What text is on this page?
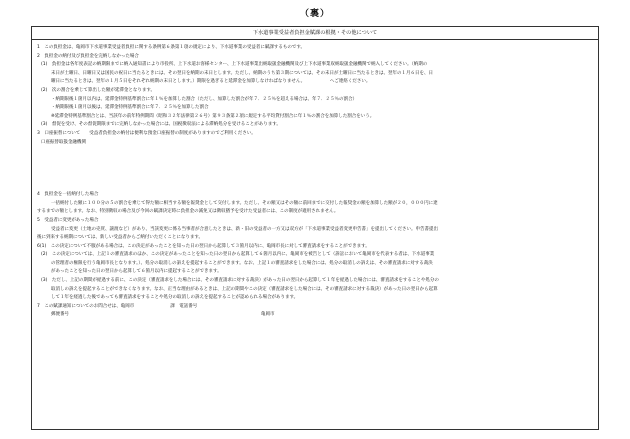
（裏）
下水道事業受益者負担金賦課の根拠・その他について
1　この負担金は、亀岡市下水道事業受益者負担に関する条例第６条第１項の規定により、下水道事業の受益者に賦課するものです。
2　負担金の納付及び負担金を完納しなかった場合
(1)　負担金は各年度表記の納期限までに納入通知書により市役所、上下水道お客様センター、上下水道事業出納取扱金融機関及び上下水道事業収納取扱金融機関で納入してください。（納期の
末日が土曜日、日曜日又は国民の祝日に当たるときには、その翌日を納期の末日とします。ただし、納期のうち第３期については、その末日が土曜日に当たるときは、翌年の１月６日を、日
曜日に当たるときは、翌年の１月５日をそれぞれ納期の末日とします。）期限を過ぎると延滞金を加算しなければなりません。　　　　　　へご連絡ください。
(2)　次の割合を乗じて算出した額が延滞金となります。
・納期限後１箇月以内は、延滞金特例基準割合に年１％を加算した割合（ただし、加算した割合が年７．２５％を超える場合は、年７．２５％の割合）
・納期限後１箇月以後は、延滞金特例基準割合に年７．２５％を加算した割合
※延滞金特例基準割合とは、当該年の前年特例期間（昭和３２年法律第２６号）第９３条第２項に規定する平均貸付割合に年１％の割合を加算した割合をいう。
(3)　督促を受け、その督促期限までに完納しなかった場合には、国税徴収法による滞納処分を受けることがあります。
3　口座振替について　　受益者負担金の納付は便利な預金口座振替の制度がありますのでご利用ください。
口座振替取扱金融機関
4　負担金を一括納付した場合
一括納付した額に１００分の５の割合を乗じて得た額に相当する額を報奨金として交付します。ただし、その額又はその額に前回までに交付した報奨金の額を加算した額が２０，０００円に達
するまでの額とします。なお、特別徴収の場合及び今回の賦課決定時に負担金の減免又は徴収猶予を受けた受益者には、この制度が適用されません。
5　受益者に変更があった場合
受益者に変更（土地の売買、譲渡など）があり、当該変更に係る当事者が合意したときは、新・旧の受益者の一方又は双方が「下水道事業受益者変更申告書」を提出してください。申告書提出
後に到来する納期については、新しい受益者からご納付いただくことになります。
6(1)　この決定について不服がある場合は、この決定があったことを知った日の翌日から起算して３箇月以内に、亀岡市長に対して審査請求をすることができます。
(2)　この決定については、上記１の審査請求のほか、この決定があったことを知った日の翌日から起算して６箇月以内に、亀岡市を被告として（訴訟において亀岡市を代表する者は、下水道事業
の管理者の権限を行う亀岡市長となります。）、処分の取消しの訴えを提起することができます。なお、上記１の審査請求をした場合には、処分の取消しの訴えは、その審査請求に対する裁決
があったことを知った日の翌日から起算して６箇月以内に提起することができます。
(3)　ただし、上記の期間が経過する前に、この決定（審査請求をした場合には、その審査請求に対する裁決）があった日の翌日から起算して１年を経過した場合には、審査請求をすることや処分の
取消しの訴えを提起することができなくなります。なお、正当な理由があるときは、上記の期間やこの決定（審査請求をした場合には、その審査請求に対する裁決）があった日の翌日から起算
して１年を経過した後であっても審査請求をすることや処分の取消しの訴えを提起することが認められる場合があります。
7　この賦課通知についてのお問合せは、亀岡市　　　　　　　　課　電話番号
郵便番号	亀岡市
